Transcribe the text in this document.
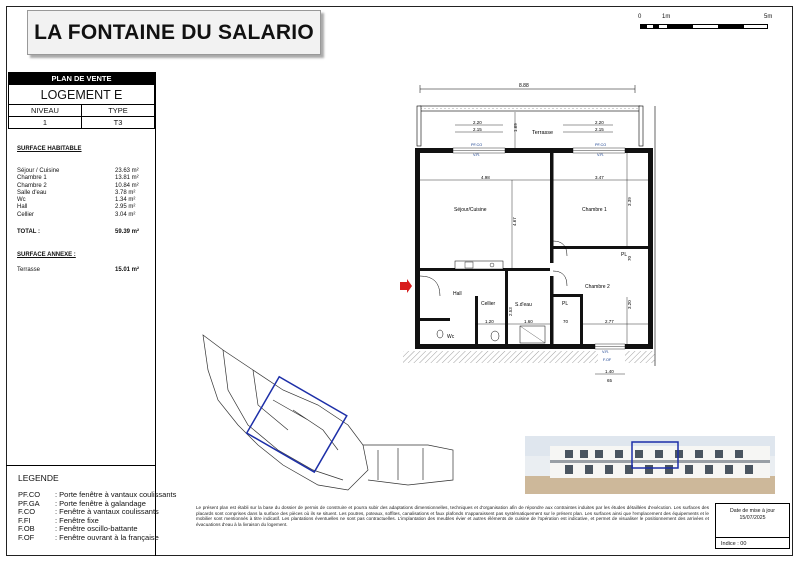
LA FONTAINE DU SALARIO
0	1m	5m
PLAN DE VENTE
LOGEMENT E
NIVEAU	TYPE
1	T3
SURFACE HABITABLE
Séjour / Cuisine	23.63 m²
Chambre 1	13.81 m²
Chambre 2	10.84 m²
Salle d'eau	3.78 m²
Wc	1.34 m²
Hall	2.95 m²
Cellier	3.04 m²
TOTAL :	59.39 m²
SURFACE ANNEXE :
Terrasse	15.01 m²
LEGENDE
PF.CO	: Porte fenêtre à vantaux coulissants
PF.GA	: Porte fenêtre à galandage
F.CO	: Fenêtre à vantaux coulissants
F.FI	: Fenêtre fixe
F.OB	: Fenêtre oscillo-battante
F.OF	: Fenêtre ouvrant à la française
8.88
2.20
2.15
2.20
2.15
1.69
Terrasse
PF.CO
V.R.
PF.CO
V.R.
Séjour/Cuisine	Chambre 1
Chambre 2
Hall
Cellier	S.d'eau
Wc
PL
PL
4.98	3.47
3.39
4.67
70
1.20
2.53
1.60	70	2.77
3.20
V.R.
F.OF
1.40
65
Le présent plan est établi sur la base du dossier de permis de construire et pourra subir des adaptations dimensionnelles, techniques et d'organisation afin de répondre aux contraintes induites par les études détaillées d'exécution. Les surfaces des placards sont comprises dans la surface des pièces où ils se situent. Les poutres, poteaux, soffites, canalisations et faux plafonds n'apparaissent pas systématiquement sur le présent plan. Les surfaces ainsi que l'emplacement des équipements et le mobilier sont mentionnés à titre indicatif. Les plantations éventuelles ne sont pas contractuelles. L'implantation des meubles évier et autres éléments de cuisine de l'opération est indicative, et permet de visualiser le positionnement des arrivées et évacuations d'eau à la livraison du logement.
Date de mise à jour
15/07/2025
Indice : 00
